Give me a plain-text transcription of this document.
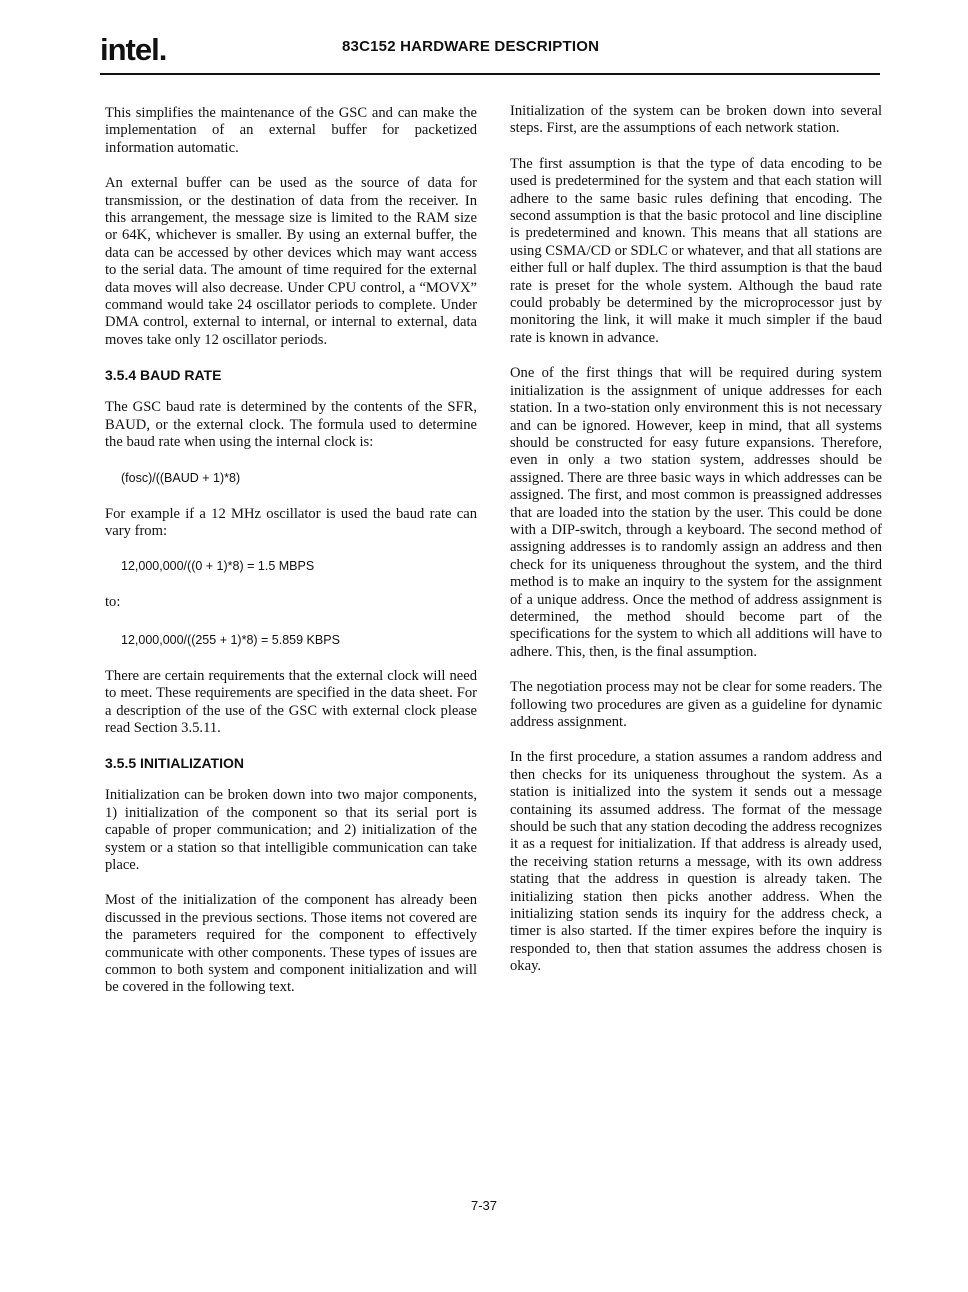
intel.	83C152 HARDWARE DESCRIPTION

This simplifies the maintenance of the GSC and can make the implementation of an external buffer for packetized information automatic.

An external buffer can be used as the source of data for transmission, or the destination of data from the receiver. In this arrangement, the message size is limited to the RAM size or 64K, whichever is smaller. By using an external buffer, the data can be accessed by other devices which may want access to the serial data. The amount of time required for the external data moves will also decrease. Under CPU control, a “MOVX” command would take 24 oscillator periods to complete. Under DMA control, external to internal, or internal to external, data moves take only 12 oscillator periods.

3.5.4 BAUD RATE

The GSC baud rate is determined by the contents of the SFR, BAUD, or the external clock. The formula used to determine the baud rate when using the internal clock is:

(fosc)/((BAUD + 1)*8)

For example if a 12 MHz oscillator is used the baud rate can vary from:

12,000,000/((0 + 1)*8) = 1.5 MBPS
to:
12,000,000/((255 + 1)*8) = 5.859 KBPS

There are certain requirements that the external clock will need to meet. These requirements are specified in the data sheet. For a description of the use of the GSC with external clock please read Section 3.5.11.

3.5.5 INITIALIZATION

Initialization can be broken down into two major components, 1) initialization of the component so that its serial port is capable of proper communication; and 2) initialization of the system or a station so that intelligible communication can take place.

Most of the initialization of the component has already been discussed in the previous sections. Those items not covered are the parameters required for the component to effectively communicate with other components. These types of issues are common to both system and component initialization and will be covered in the following text.

Initialization of the system can be broken down into several steps. First, are the assumptions of each network station.

The first assumption is that the type of data encoding to be used is predetermined for the system and that each station will adhere to the same basic rules defining that encoding. The second assumption is that the basic protocol and line discipline is predetermined and known. This means that all stations are using CSMA/CD or SDLC or whatever, and that all stations are either full or half duplex. The third assumption is that the baud rate is preset for the whole system. Although the baud rate could probably be determined by the microprocessor just by monitoring the link, it will make it much simpler if the baud rate is known in advance.

One of the first things that will be required during system initialization is the assignment of unique addresses for each station. In a two-station only environment this is not necessary and can be ignored. However, keep in mind, that all systems should be constructed for easy future expansions. Therefore, even in only a two station system, addresses should be assigned. There are three basic ways in which addresses can be assigned. The first, and most common is preassigned addresses that are loaded into the station by the user. This could be done with a DIP-switch, through a keyboard. The second method of assigning addresses is to randomly assign an address and then check for its uniqueness throughout the system, and the third method is to make an inquiry to the system for the assignment of a unique address. Once the method of address assignment is determined, the method should become part of the specifications for the system to which all additions will have to adhere. This, then, is the final assumption.

The negotiation process may not be clear for some readers. The following two procedures are given as a guideline for dynamic address assignment.

In the first procedure, a station assumes a random address and then checks for its uniqueness throughout the system. As a station is initialized into the system it sends out a message containing its assumed address. The format of the message should be such that any station decoding the address recognizes it as a request for initialization. If that address is already used, the receiving station returns a message, with its own address stating that the address in question is already taken. The initializing station then picks another address. When the initializing station sends its inquiry for the address check, a timer is also started. If the timer expires before the inquiry is responded to, then that station assumes the address chosen is okay.

7-37
